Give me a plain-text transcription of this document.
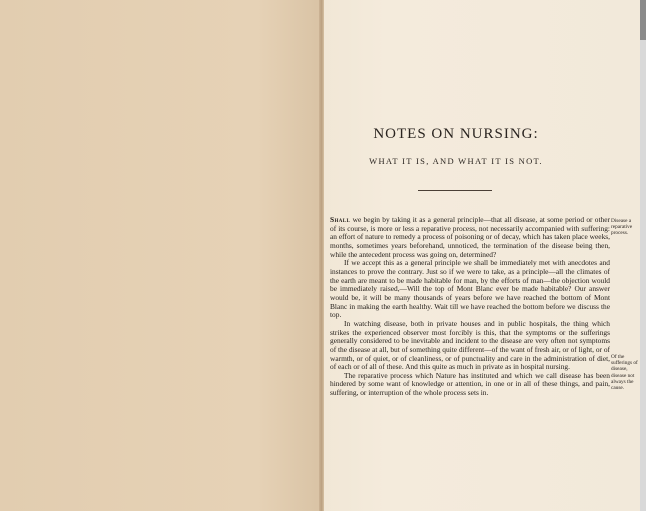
NOTES ON NURSING:
WHAT IT IS, AND WHAT IT IS NOT.

Shall we begin by taking it as a general principle—that all disease, at some period or other of its course, is more or less a reparative process, not necessarily accompanied with suffering: an effort of nature to remedy a process of poisoning or of decay, which has taken place weeks, months, sometimes years beforehand, unnoticed, the termination of the disease being then, while the antecedent process was going on, determined?

If we accept this as a general principle we shall be immediately met with anecdotes and instances to prove the contrary. Just so if we were to take, as a principle—all the climates of the earth are meant to be made habitable for man, by the efforts of man—the objection would be immediately raised,—Will the top of Mont Blanc ever be made habitable? Our answer would be, it will be many thousands of years before we have reached the bottom of Mont Blanc in making the earth healthy. Wait till we have reached the bottom before we discuss the top.

In watching disease, both in private houses and in public hospitals, the thing which strikes the experienced observer most forcibly is this, that the symptoms or the sufferings generally considered to be inevitable and incident to the disease are very often not symptoms of the disease at all, but of something quite different—of the want of fresh air, or of light, or of warmth, or of quiet, or of cleanliness, or of punctuality and care in the administration of diet, of each or of all of these. And this quite as much in private as in hospital nursing.

The reparative process which Nature has instituted and which we call disease has been hindered by some want of knowledge or attention, in one or in all of these things, and pain, suffering, or interruption of the whole process sets in.

Disease a reparative process.
Of the sufferings of disease, disease not always the cause.
